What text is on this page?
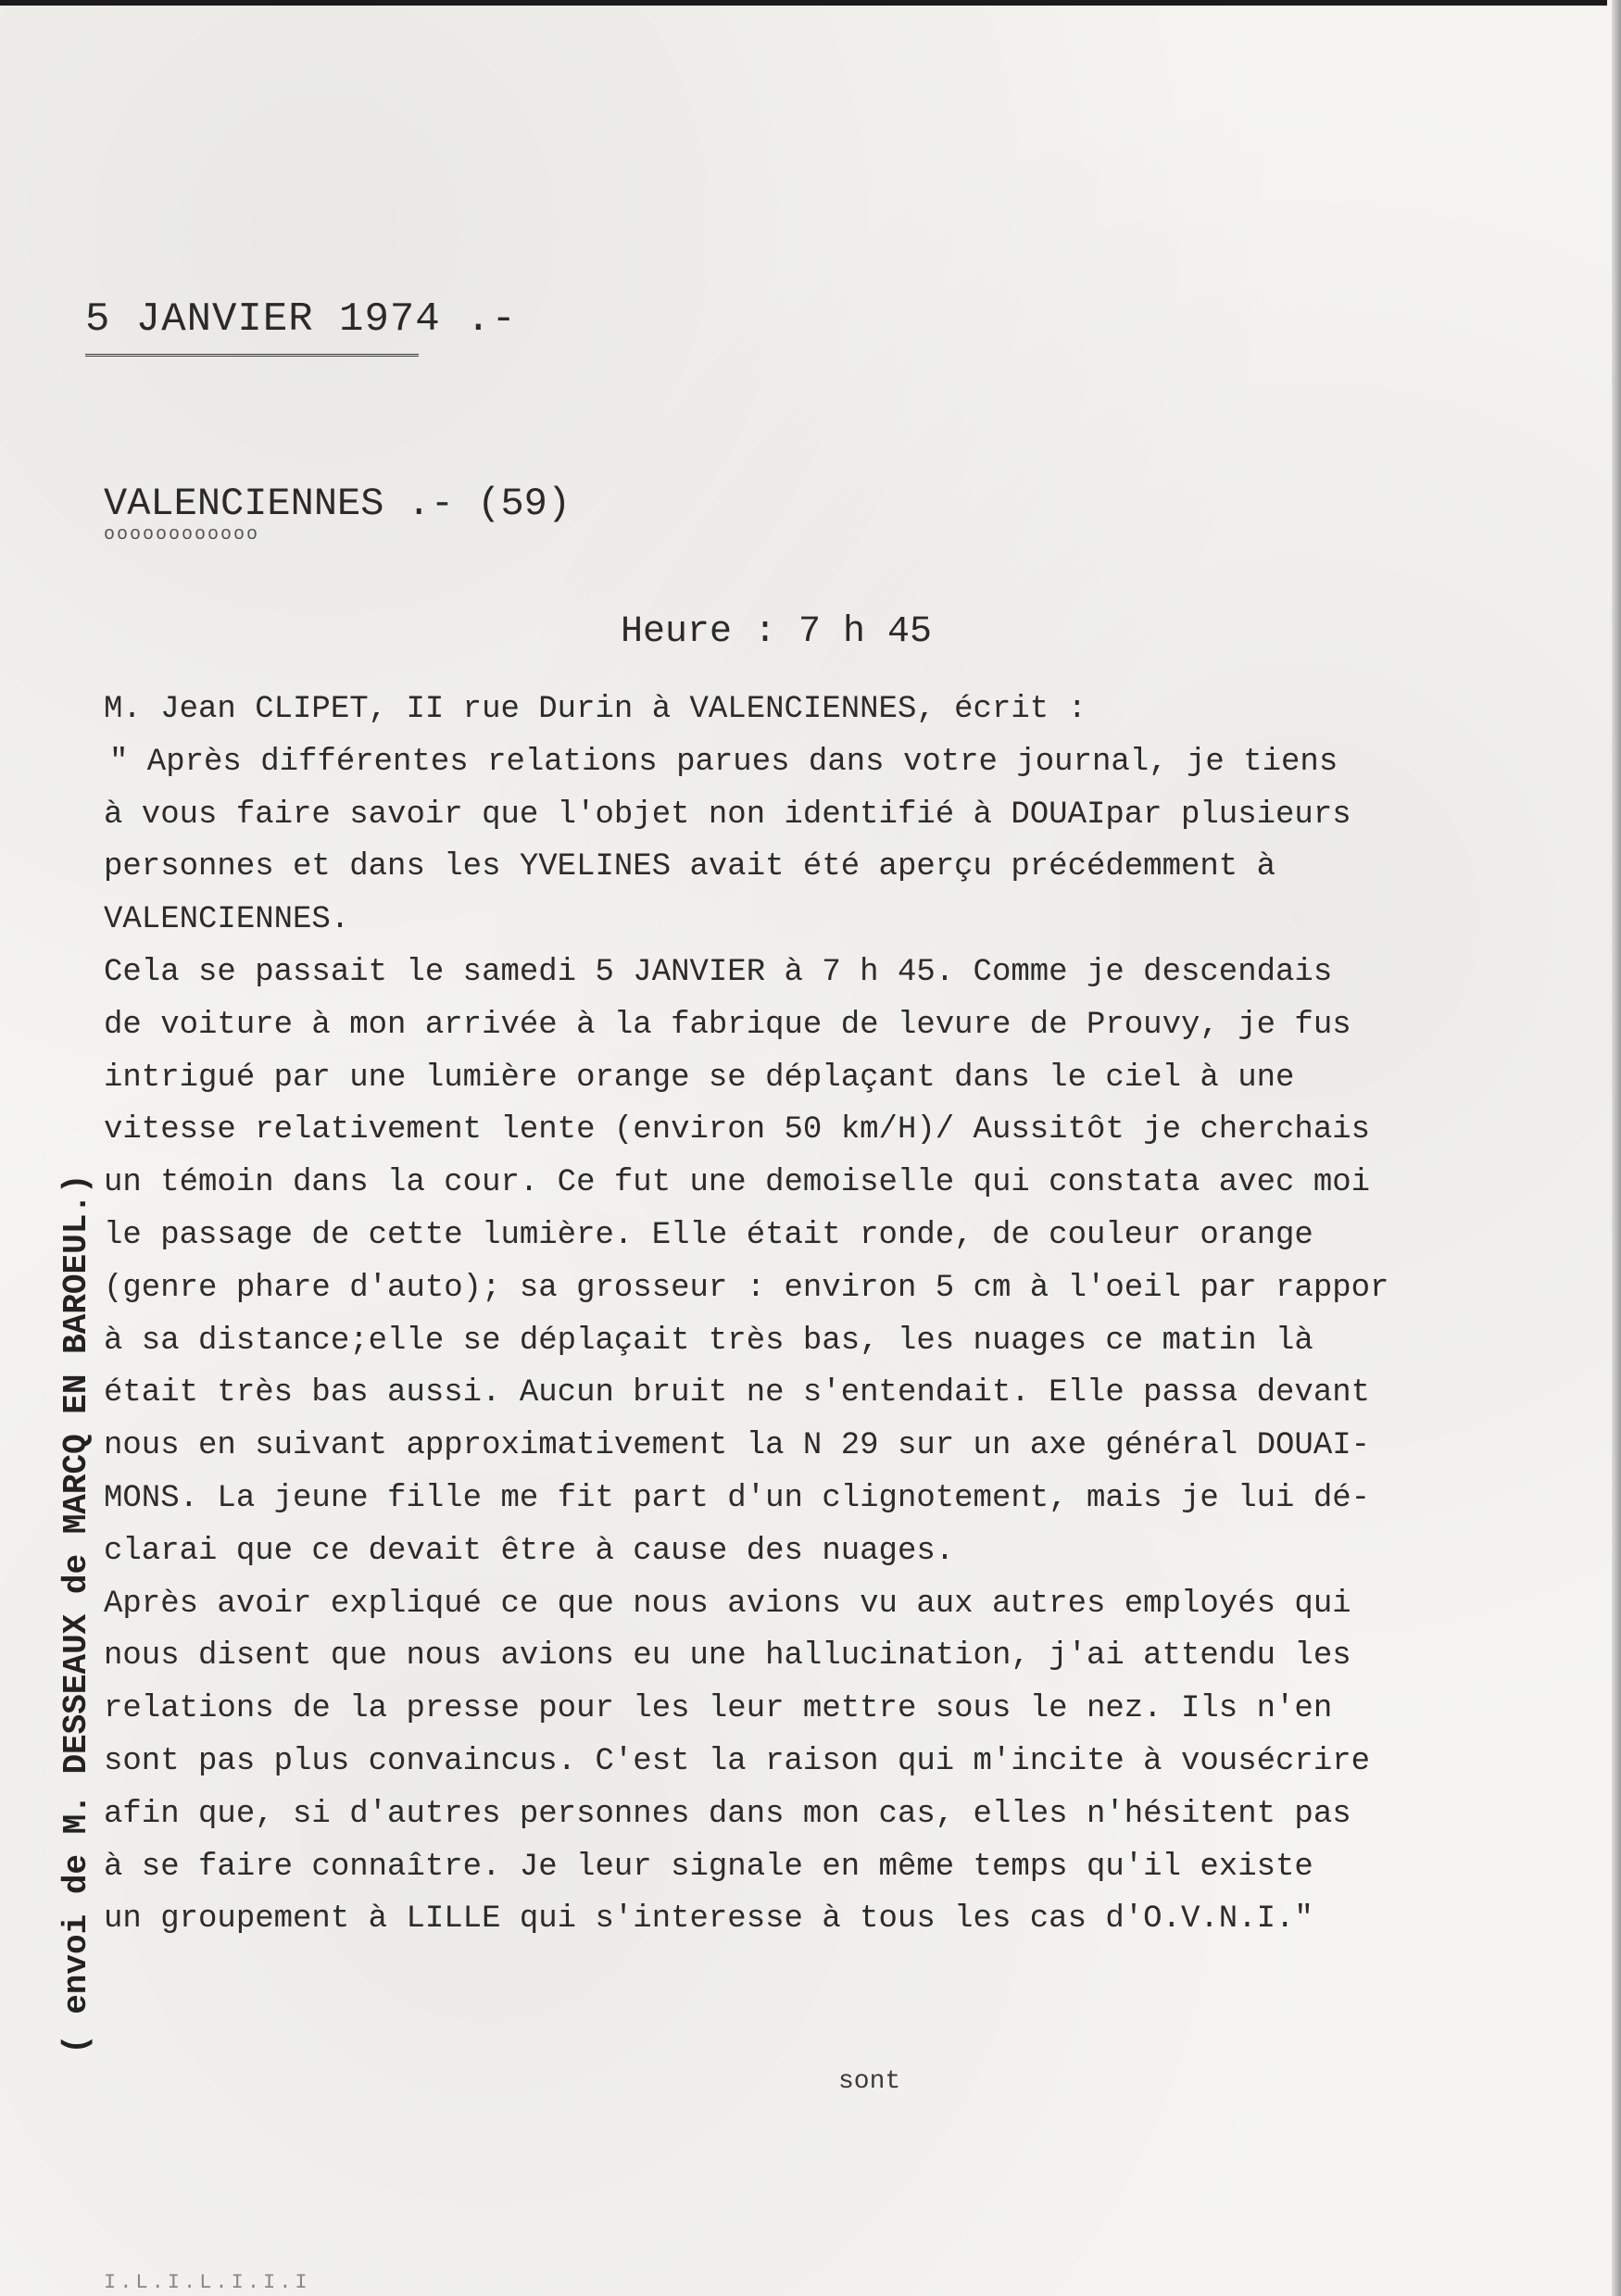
5 JANVIER 1974 .-
VALENCIENNES .- (59)
oooooooooooo
Heure : 7 h 45
M. Jean CLIPET, II rue Durin à VALENCIENNES, écrit :
" Après différentes relations parues dans votre journal, je tiens
à vous faire savoir que l'objet non identifié à DOUAIpar plusieurs
personnes et dans les YVELINES avait été aperçu précédemment à
VALENCIENNES.
Cela se passait le samedi 5 JANVIER à 7 h 45. Comme je descendais
de voiture à mon arrivée à la fabrique de levure de Prouvy, je fus
intrigué par une lumière orange se déplaçant dans le ciel à une
vitesse relativement lente (environ 50 km/H)/ Aussitôt je cherchais
un témoin dans la cour. Ce fut une demoiselle qui constata avec moi
le passage de cette lumière. Elle était ronde, de couleur orange
(genre phare d'auto); sa grosseur : environ 5 cm à l'oeil par rappor
à sa distance;elle se déplaçait très bas, les nuages ce matin là
était très bas aussi. Aucun bruit ne s'entendait. Elle passa devant
nous en suivant approximativement la N 29 sur un axe général DOUAI-
MONS. La jeune fille me fit part d'un clignotement, mais je lui dé-
clarai que ce devait être à cause des nuages.
Après avoir expliqué ce que nous avions vu aux autres employés qui
nous disent que nous avions eu une hallucination, j'ai attendu les
relations de la presse pour les leur mettre sous le nez. Ils n'en
sont pas plus convaincus. C'est la raison qui m'incite à vousécrire
afin que, si d'autres personnes dans mon cas, elles n'hésitent pas
à se faire connaître. Je leur signale en même temps qu'il existe
un groupement à LILLE qui s'interesse à tous les cas d'O.V.N.I."
sont
( envoi de M. DESSEAUX de MARCQ EN BAROEUL.)
I.L.I.L.I.I.I
